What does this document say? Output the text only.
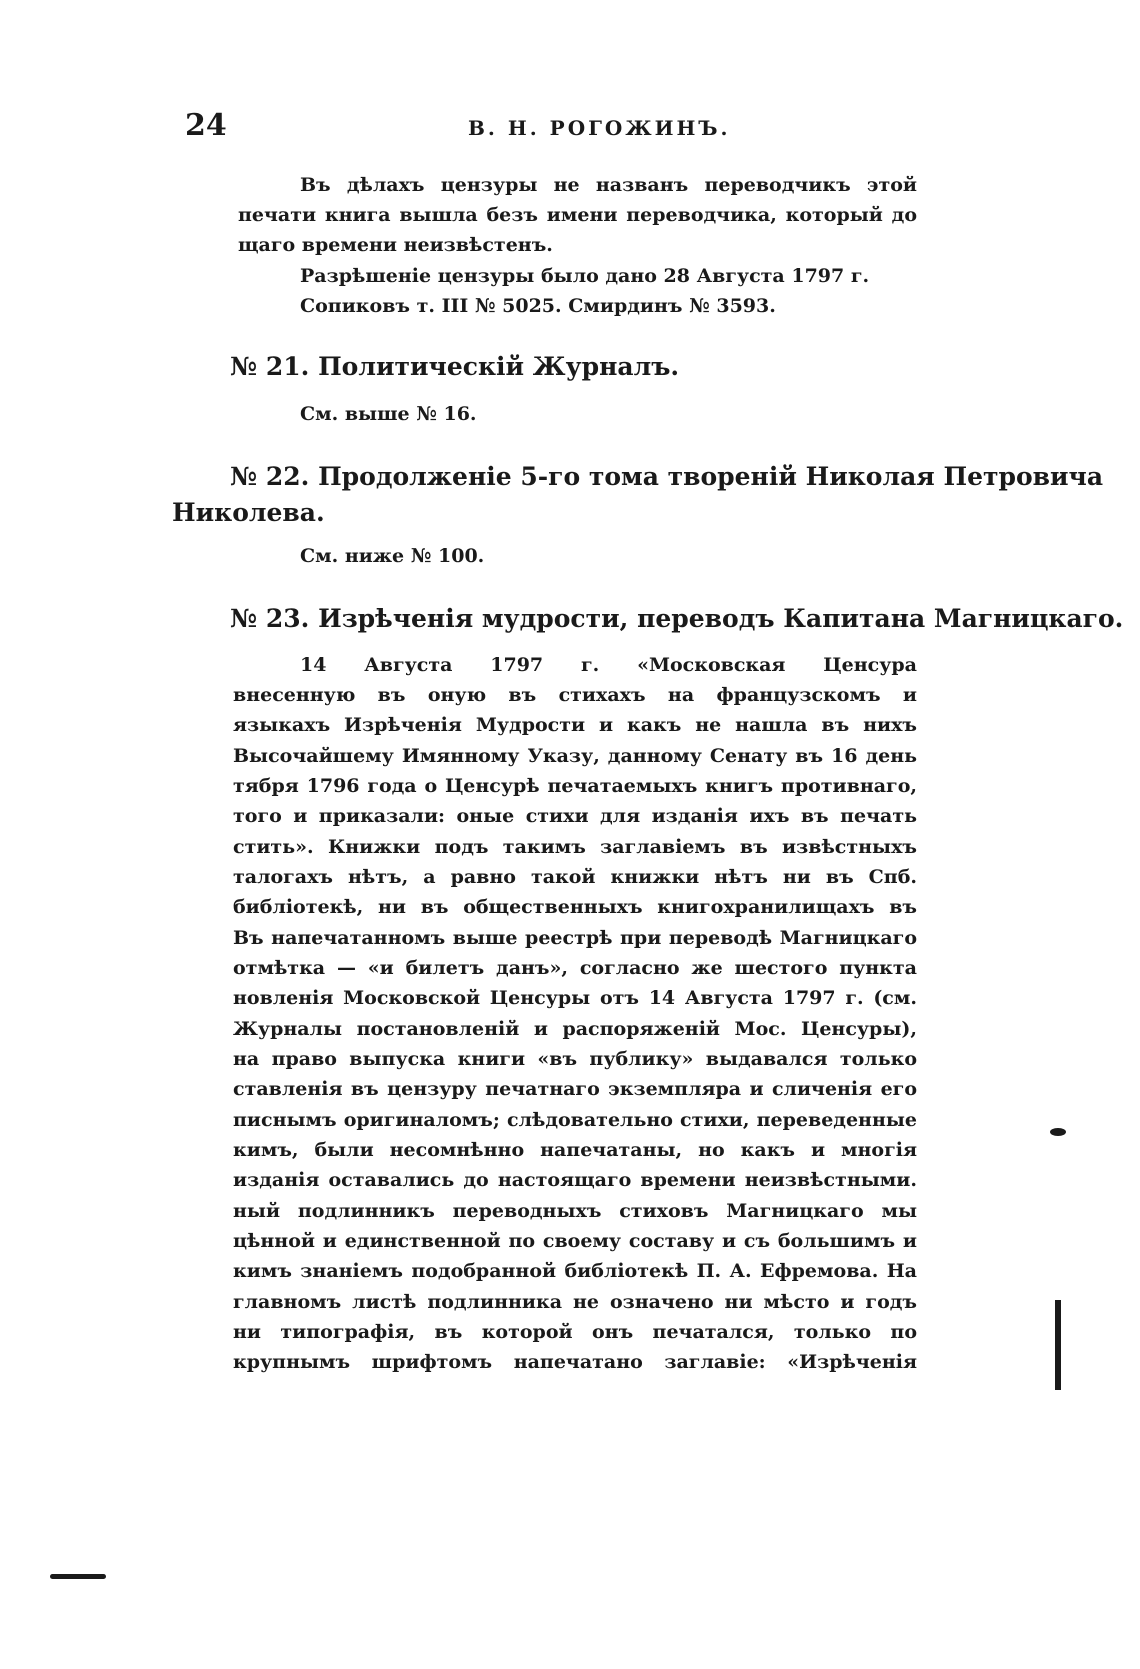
24	В. Н. РОГОЖИНЪ.
Въ дѣлахъ цензуры не названъ переводчикъ этой
печати книга вышла безъ имени переводчика, который до
щаго времени неизвѣстенъ.
Разрѣшеніе цензуры было дано 28 Августа 1797 г.
Сопиковъ т. III № 5025. Смирдинъ № 3593.
№ 21. Политическій Журналъ.
См. выше № 16.
№ 22. Продолженіе 5-го тома твореній Николая Петровича
Николева.
См. ниже № 100.
№ 23. Изрѣченія мудрости, переводъ Капитана Магницкаго.
14 Августа 1797 г. «Московская Ценсура
внесенную въ оную въ стихахъ на французскомъ и
языкахъ Изрѣченія Мудрости и какъ не нашла въ нихъ
Высочайшему Имянному Указу, данному Сенату въ 16 день
тября 1796 года о Ценсурѣ печатаемыхъ книгъ противнаго,
того и приказали: оные стихи для изданія ихъ въ печать
стить». Книжки подъ такимъ заглавіемъ въ извѣстныхъ
талогахъ нѣтъ, а равно такой книжки нѣтъ ни въ Спб.
библіотекѣ, ни въ общественныхъ книгохранилищахъ въ
Въ напечатанномъ выше реестрѣ при переводѣ Магницкаго
отмѣтка — «и билетъ данъ», согласно же шестого пункта
новленія Московской Ценсуры отъ 14 Августа 1797 г. (см.
Журналы постановленій и распоряженій Мос. Ценсуры),
на право выпуска книги «въ публику» выдавался только
ставленія въ цензуру печатнаго экземпляра и сличенія его
писнымъ оригиналомъ; слѣдовательно стихи, переведенные
кимъ, были несомнѣнно напечатаны, но какъ и многія
изданія оставались до настоящаго времени неизвѣстными.
ный подлинникъ переводныхъ стиховъ Магницкаго мы
цѣнной и единственной по своему составу и съ большимъ и
кимъ знаніемъ подобранной библіотекѣ П. А. Ефремова. На
главномъ листѣ подлинника не означено ни мѣсто и годъ
ни типографія, въ которой онъ печатался, только по
крупнымъ шрифтомъ напечатано заглавіе: «Изрѣченія
